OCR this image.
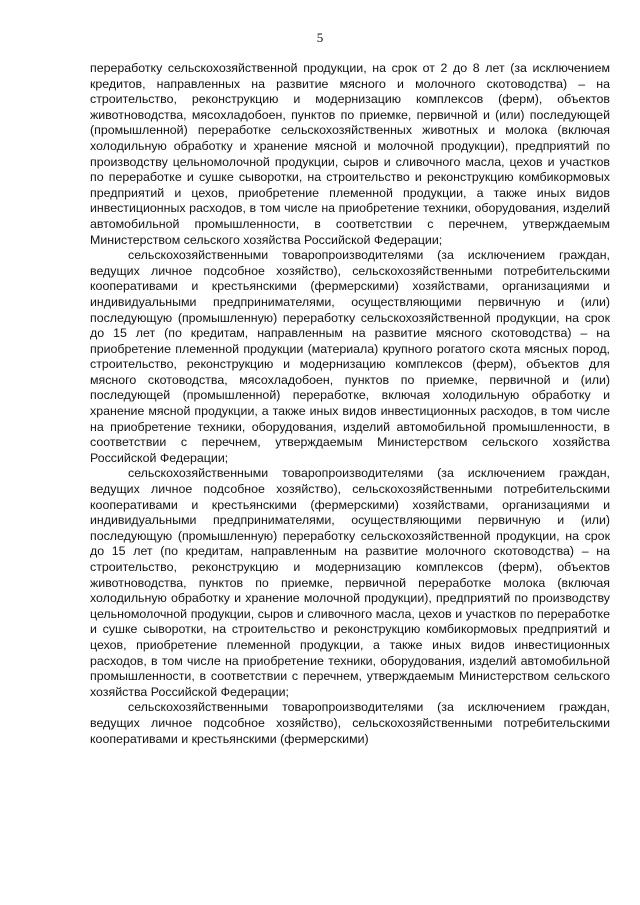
5

переработку сельскохозяйственной продукции, на срок от 2 до 8 лет (за исключением кредитов, направленных на развитие мясного и молочного скотоводства) – на строительство, реконструкцию и модернизацию комплексов (ферм), объектов животноводства, мясохладобоен, пунктов по приемке, первичной и (или) последующей (промышленной) переработке сельскохозяйственных животных и молока (включая холодильную обработку и хранение мясной и молочной продукции), предприятий по производству цельномолочной продукции, сыров и сливочного масла, цехов и участков по переработке и сушке сыворотки, на строительство и реконструкцию комбикормовых предприятий и цехов, приобретение племенной продукции, а также иных видов инвестиционных расходов, в том числе на приобретение техники, оборудования, изделий автомобильной промышленности, в соответствии с перечнем, утверждаемым Министерством сельского хозяйства Российской Федерации;

сельскохозяйственными товаропроизводителями (за исключением граждан, ведущих личное подсобное хозяйство), сельскохозяйственными потребительскими кооперативами и крестьянскими (фермерскими) хозяйствами, организациями и индивидуальными предпринимателями, осуществляющими первичную и (или) последующую (промышленную) переработку сельскохозяйственной продукции, на срок до 15 лет (по кредитам, направленным на развитие мясного скотоводства) – на приобретение племенной продукции (материала) крупного рогатого скота мясных пород, строительство, реконструкцию и модернизацию комплексов (ферм), объектов для мясного скотоводства, мясохладобоен, пунктов по приемке, первичной и (или) последующей (промышленной) переработке, включая холодильную обработку и хранение мясной продукции, а также иных видов инвестиционных расходов, в том числе на приобретение техники, оборудования, изделий автомобильной промышленности, в соответствии с перечнем, утверждаемым Министерством сельского хозяйства Российской Федерации;

сельскохозяйственными товаропроизводителями (за исключением граждан, ведущих личное подсобное хозяйство), сельскохозяйственными потребительскими кооперативами и крестьянскими (фермерскими) хозяйствами, организациями и индивидуальными предпринимателями, осуществляющими первичную и (или) последующую (промышленную) переработку сельскохозяйственной продукции, на срок до 15 лет (по кредитам, направленным на развитие молочного скотоводства) – на строительство, реконструкцию и модернизацию комплексов (ферм), объектов животноводства, пунктов по приемке, первичной переработке молока (включая холодильную обработку и хранение молочной продукции), предприятий по производству цельномолочной продукции, сыров и сливочного масла, цехов и участков по переработке и сушке сыворотки, на строительство и реконструкцию комбикормовых предприятий и цехов, приобретение племенной продукции, а также иных видов инвестиционных расходов, в том числе на приобретение техники, оборудования, изделий автомобильной промышленности, в соответствии с перечнем, утверждаемым Министерством сельского хозяйства Российской Федерации;

сельскохозяйственными товаропроизводителями (за исключением граждан, ведущих личное подсобное хозяйство), сельскохозяйственными потребительскими кооперативами и крестьянскими (фермерскими)
